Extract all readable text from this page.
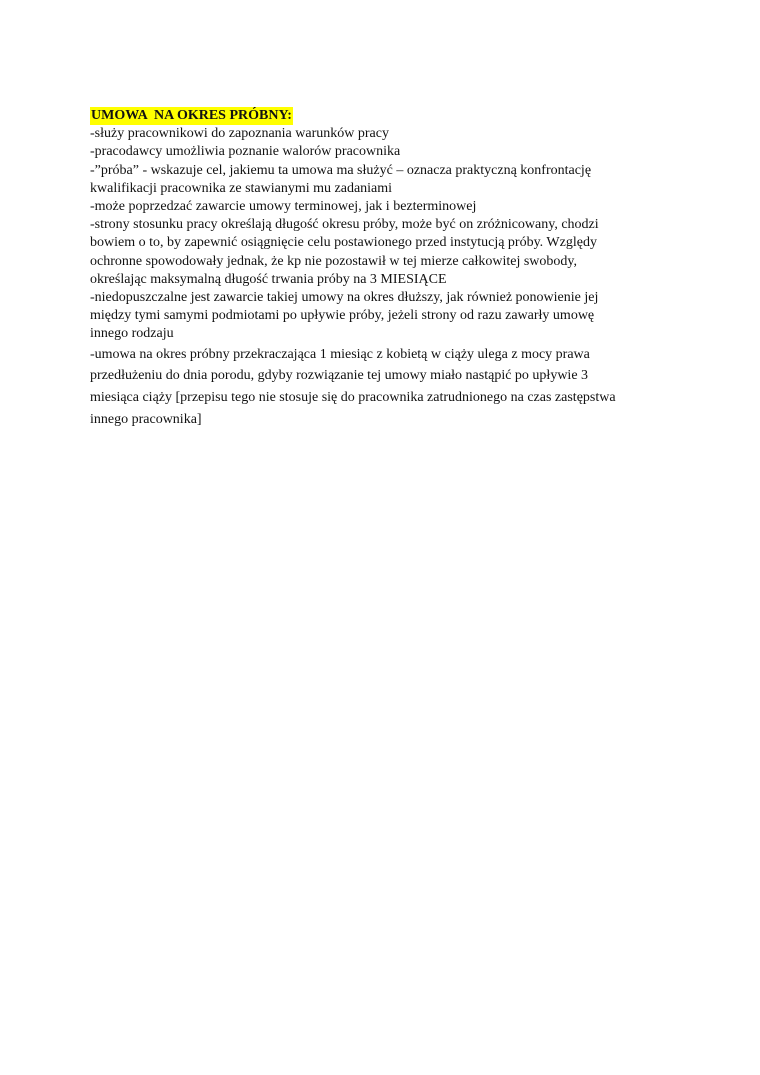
UMOWA  NA OKRES PRÓBNY:

-służy pracownikowi do zapoznania warunków pracy

-pracodawcy umożliwia poznanie walorów pracownika

-”próba” - wskazuje cel, jakiemu ta umowa ma służyć – oznacza praktyczną konfrontację

kwalifikacji pracownika ze stawianymi mu zadaniami

-może poprzedzać zawarcie umowy terminowej, jak i bezterminowej

-strony stosunku pracy określają długość okresu próby, może być on zróżnicowany, chodzi

bowiem o to, by zapewnić osiągnięcie celu postawionego przed instytucją próby. Względy

ochronne spowodowały jednak, że kp nie pozostawił w tej mierze całkowitej swobody,

określając maksymalną długość trwania próby na 3 MIESIĄCE

-niedopuszczalne jest zawarcie takiej umowy na okres dłuższy, jak również ponowienie jej

między tymi samymi podmiotami po upływie próby, jeżeli strony od razu zawarły umowę

innego rodzaju

-umowa na okres próbny przekraczająca 1 miesiąc z kobietą w ciąży ulega z mocy prawa

przedłużeniu do dnia porodu, gdyby rozwiązanie tej umowy miało nastąpić po upływie 3

miesiąca ciąży [przepisu tego nie stosuje się do pracownika zatrudnionego na czas zastępstwa

innego pracownika]
